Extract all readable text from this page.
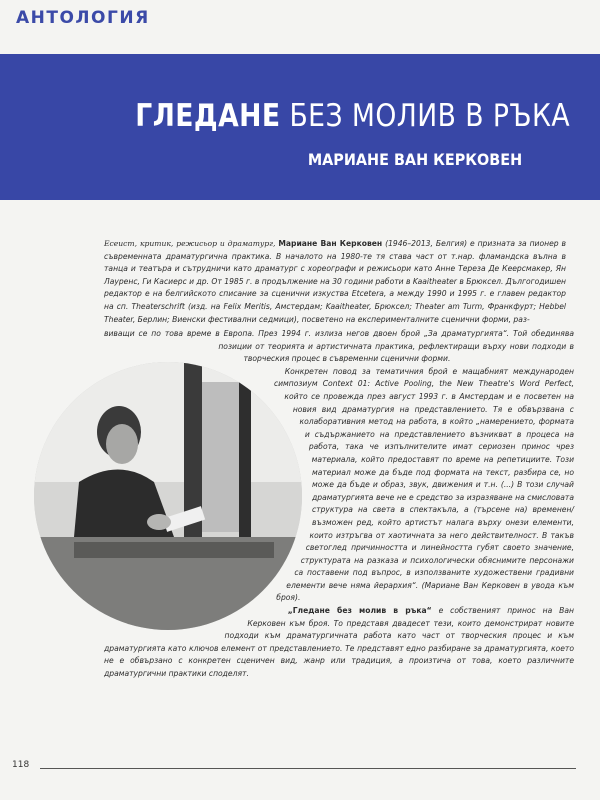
АНТОЛОГИЯ
ГЛЕДАНЕ БЕЗ МОЛИВ В РЪКА
МАРИАНЕ ВАН КЕРКОВЕН
Есеист, критик, режисьор и драматург, Мариане Ван Керковен (1946–2013, Белгия) е призната за пионер в съвременната драматургична практика. В началото на 1980-те тя става част от т.нар. фламандска вълна в танца и театъра и сътрудничи като драматург с хореографи и режисьори като Анне Тереза Де Кеерсмакер, Ян Лауренс, Ги Касиерс и др. От 1985 г. в продължение на 30 години работи в Kaaitheater в Брюксел. Дългогодишен редактор е на белгийското списание за сценични изкуства Etcetera, а между 1990 и 1995 г. е главен редактор на сп. Theaterschrift (изд. на Felix Meritis, Амстердам; Kaaitheater, Брюксел; Theater am Turm, Франкфурт; Hebbel Theater, Берлин; Виенски фестивални седмици), посветено на експерименталните сценични форми, раз-

виващи се по това време в Европа. През 1994 г. излиза негов двоен брой „За драматургията“. Той обединява позиции от теорията и артистичната практика, рефлектиращи върху нови подходи в творческия процес в съвременни сценични форми.

Конкретен повод за тематичния брой е мащабният международен симпозиум Context 01: Active Pooling, the New Theatre's Word Perfect, който се провежда през август 1993 г. в Амстердам и е посветен на новия вид драматургия на представлението. Тя е обвързвана с колаборативния метод на работа, в който „намерението, формата и съдържанието на представлението възникват в процеса на работа, така че изпълнителите имат сериозен принос чрез материала, който предоставят по време на репетициите. Този материал може да бъде под формата на текст, разбира се, но може да бъде и образ, звук, движения и т.н. (...) В този случай драматургията вече не е средство за изразяване на смисловата структура на света в спектакъла, а (търсене на) временен/възможен ред, който артистът налага върху онези елементи, които изтръгва от хаотичната за него действителност. В такъв светоглед причинността и линейността губят своето значение, структурата на разказа и психологически обяснимите персонажи са поставени под въпрос, в използваните художествени градивни елементи вече няма йерархия“. (Мариане Ван Керковен в увода към броя).

„Гледане без молив в ръка“ е собственият принос на Ван Керковен към броя. То представя двадесет тези, които демонстрират новите подходи към драматургичната работа като част от творческия процес и към драматургията като ключов елемент от представлението. Те представят едно разбиране за драматургията, което не е обвързано с конкретен сценичен вид, жанр или традиция, а произтича от това, което различните драматургични практики споделят.

118
